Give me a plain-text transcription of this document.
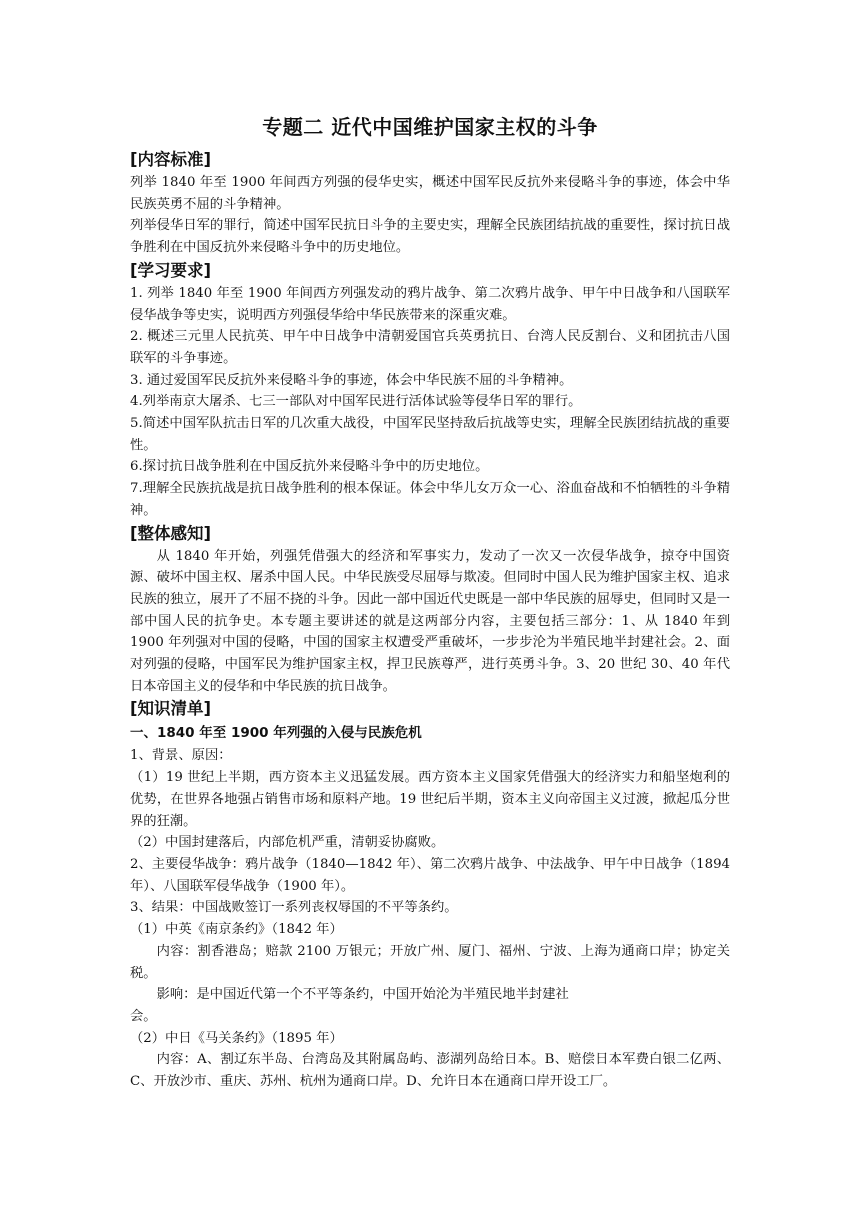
专题二 近代中国维护国家主权的斗争
[内容标准]
列举 1840 年至 1900 年间西方列强的侵华史实，概述中国军民反抗外来侵略斗争的事迹，体会中华民族英勇不屈的斗争精神。
列举侵华日军的罪行，简述中国军民抗日斗争的主要史实，理解全民族团结抗战的重要性，探讨抗日战争胜利在中国反抗外来侵略斗争中的历史地位。
[学习要求]
1. 列举 1840 年至 1900 年间西方列强发动的鸦片战争、第二次鸦片战争、甲午中日战争和八国联军侵华战争等史实，说明西方列强侵华给中华民族带来的深重灾难。
2. 概述三元里人民抗英、甲午中日战争中清朝爱国官兵英勇抗日、台湾人民反割台、义和团抗击八国联军的斗争事迹。
3. 通过爱国军民反抗外来侵略斗争的事迹，体会中华民族不屈的斗争精神。
4.列举南京大屠杀、七三一部队对中国军民进行活体试验等侵华日军的罪行。
5.简述中国军队抗击日军的几次重大战役，中国军民坚持敌后抗战等史实，理解全民族团结抗战的重要性。
6.探讨抗日战争胜利在中国反抗外来侵略斗争中的历史地位。
7.理解全民族抗战是抗日战争胜利的根本保证。体会中华儿女万众一心、浴血奋战和不怕牺牲的斗争精神。
[整体感知]
从 1840 年开始，列强凭借强大的经济和军事实力，发动了一次又一次侵华战争，掠夺中国资源、破坏中国主权、屠杀中国人民。中华民族受尽屈辱与欺凌。但同时中国人民为维护国家主权、追求民族的独立，展开了不屈不挠的斗争。因此一部中国近代史既是一部中华民族的屈辱史，但同时又是一部中国人民的抗争史。本专题主要讲述的就是这两部分内容，主要包括三部分：1、从 1840 年到 1900 年列强对中国的侵略，中国的国家主权遭受严重破坏，一步步沦为半殖民地半封建社会。2、面对列强的侵略，中国军民为维护国家主权，捍卫民族尊严，进行英勇斗争。3、20 世纪 30、40 年代日本帝国主义的侵华和中华民族的抗日战争。
[知识清单]
一、1840 年至 1900 年列强的入侵与民族危机
1、背景、原因：
（1）19 世纪上半期，西方资本主义迅猛发展。西方资本主义国家凭借强大的经济实力和船坚炮利的优势，在世界各地强占销售市场和原料产地。19 世纪后半期，资本主义向帝国主义过渡，掀起瓜分世界的狂潮。
（2）中国封建落后，内部危机严重，清朝妥协腐败。
2、主要侵华战争：鸦片战争（1840—1842 年）、第二次鸦片战争、中法战争、甲午中日战争（1894 年）、八国联军侵华战争（1900 年）。
3、结果：中国战败签订一系列丧权辱国的不平等条约。
（1）中英《南京条约》（1842 年）
内容：割香港岛；赔款 2100 万银元；开放广州、厦门、福州、宁波、上海为通商口岸；协定关税。
影响：是中国近代第一个不平等条约，中国开始沦为半殖民地半封建社
会。
（2）中日《马关条约》（1895 年）
内容：A、割辽东半岛、台湾岛及其附属岛屿、澎湖列岛给日本。B、赔偿日本军费白银二亿两、C、开放沙市、重庆、苏州、杭州为通商口岸。D、允许日本在通商口岸开设工厂。
